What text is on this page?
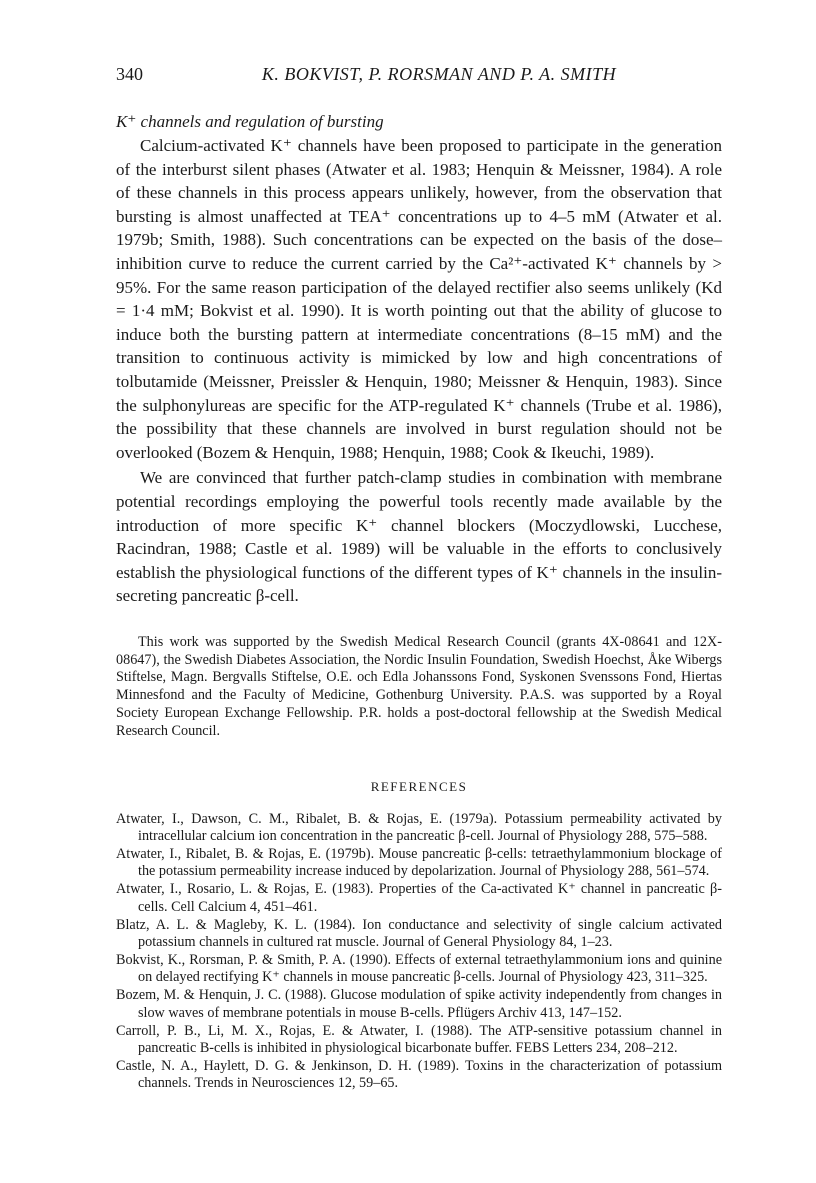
340	K. BOKVIST, P. RORSMAN AND P. A. SMITH
K⁺ channels and regulation of bursting

Calcium-activated K⁺ channels have been proposed to participate in the generation of the interburst silent phases (Atwater et al. 1983; Henquin & Meissner, 1984). A role of these channels in this process appears unlikely, however, from the observation that bursting is almost unaffected at TEA⁺ concentrations up to 4–5 mM (Atwater et al. 1979b; Smith, 1988). Such concentrations can be expected on the basis of the dose–inhibition curve to reduce the current carried by the Ca²⁺-activated K⁺ channels by > 95%. For the same reason participation of the delayed rectifier also seems unlikely (Kd = 1·4 mM; Bokvist et al. 1990). It is worth pointing out that the ability of glucose to induce both the bursting pattern at intermediate concentrations (8–15 mM) and the transition to continuous activity is mimicked by low and high concentrations of tolbutamide (Meissner, Preissler & Henquin, 1980; Meissner & Henquin, 1983). Since the sulphonylureas are specific for the ATP-regulated K⁺ channels (Trube et al. 1986), the possibility that these channels are involved in burst regulation should not be overlooked (Bozem & Henquin, 1988; Henquin, 1988; Cook & Ikeuchi, 1989).

We are convinced that further patch-clamp studies in combination with membrane potential recordings employing the powerful tools recently made available by the introduction of more specific K⁺ channel blockers (Moczydlowski, Lucchese, Racindran, 1988; Castle et al. 1989) will be valuable in the efforts to conclusively establish the physiological functions of the different types of K⁺ channels in the insulin-secreting pancreatic β-cell.

This work was supported by the Swedish Medical Research Council (grants 4X-08641 and 12X-08647), the Swedish Diabetes Association, the Nordic Insulin Foundation, Swedish Hoechst, Åke Wibergs Stiftelse, Magn. Bergvalls Stiftelse, O.E. och Edla Johanssons Fond, Syskonen Svenssons Fond, Hiertas Minnesfond and the Faculty of Medicine, Gothenburg University. P.A.S. was supported by a Royal Society European Exchange Fellowship. P.R. holds a post-doctoral fellowship at the Swedish Medical Research Council.
REFERENCES
Atwater, I., Dawson, C. M., Ribalet, B. & Rojas, E. (1979a). Potassium permeability activated by intracellular calcium ion concentration in the pancreatic β-cell. Journal of Physiology 288, 575–588.
Atwater, I., Ribalet, B. & Rojas, E. (1979b). Mouse pancreatic β-cells: tetraethylammonium blockage of the potassium permeability increase induced by depolarization. Journal of Physiology 288, 561–574.
Atwater, I., Rosario, L. & Rojas, E. (1983). Properties of the Ca-activated K⁺ channel in pancreatic β-cells. Cell Calcium 4, 451–461.
Blatz, A. L. & Magleby, K. L. (1984). Ion conductance and selectivity of single calcium activated potassium channels in cultured rat muscle. Journal of General Physiology 84, 1–23.
Bokvist, K., Rorsman, P. & Smith, P. A. (1990). Effects of external tetraethylammonium ions and quinine on delayed rectifying K⁺ channels in mouse pancreatic β-cells. Journal of Physiology 423, 311–325.
Bozem, M. & Henquin, J. C. (1988). Glucose modulation of spike activity independently from changes in slow waves of membrane potentials in mouse B-cells. Pflügers Archiv 413, 147–152.
Carroll, P. B., Li, M. X., Rojas, E. & Atwater, I. (1988). The ATP-sensitive potassium channel in pancreatic B-cells is inhibited in physiological bicarbonate buffer. FEBS Letters 234, 208–212.
Castle, N. A., Haylett, D. G. & Jenkinson, D. H. (1989). Toxins in the characterization of potassium channels. Trends in Neurosciences 12, 59–65.
